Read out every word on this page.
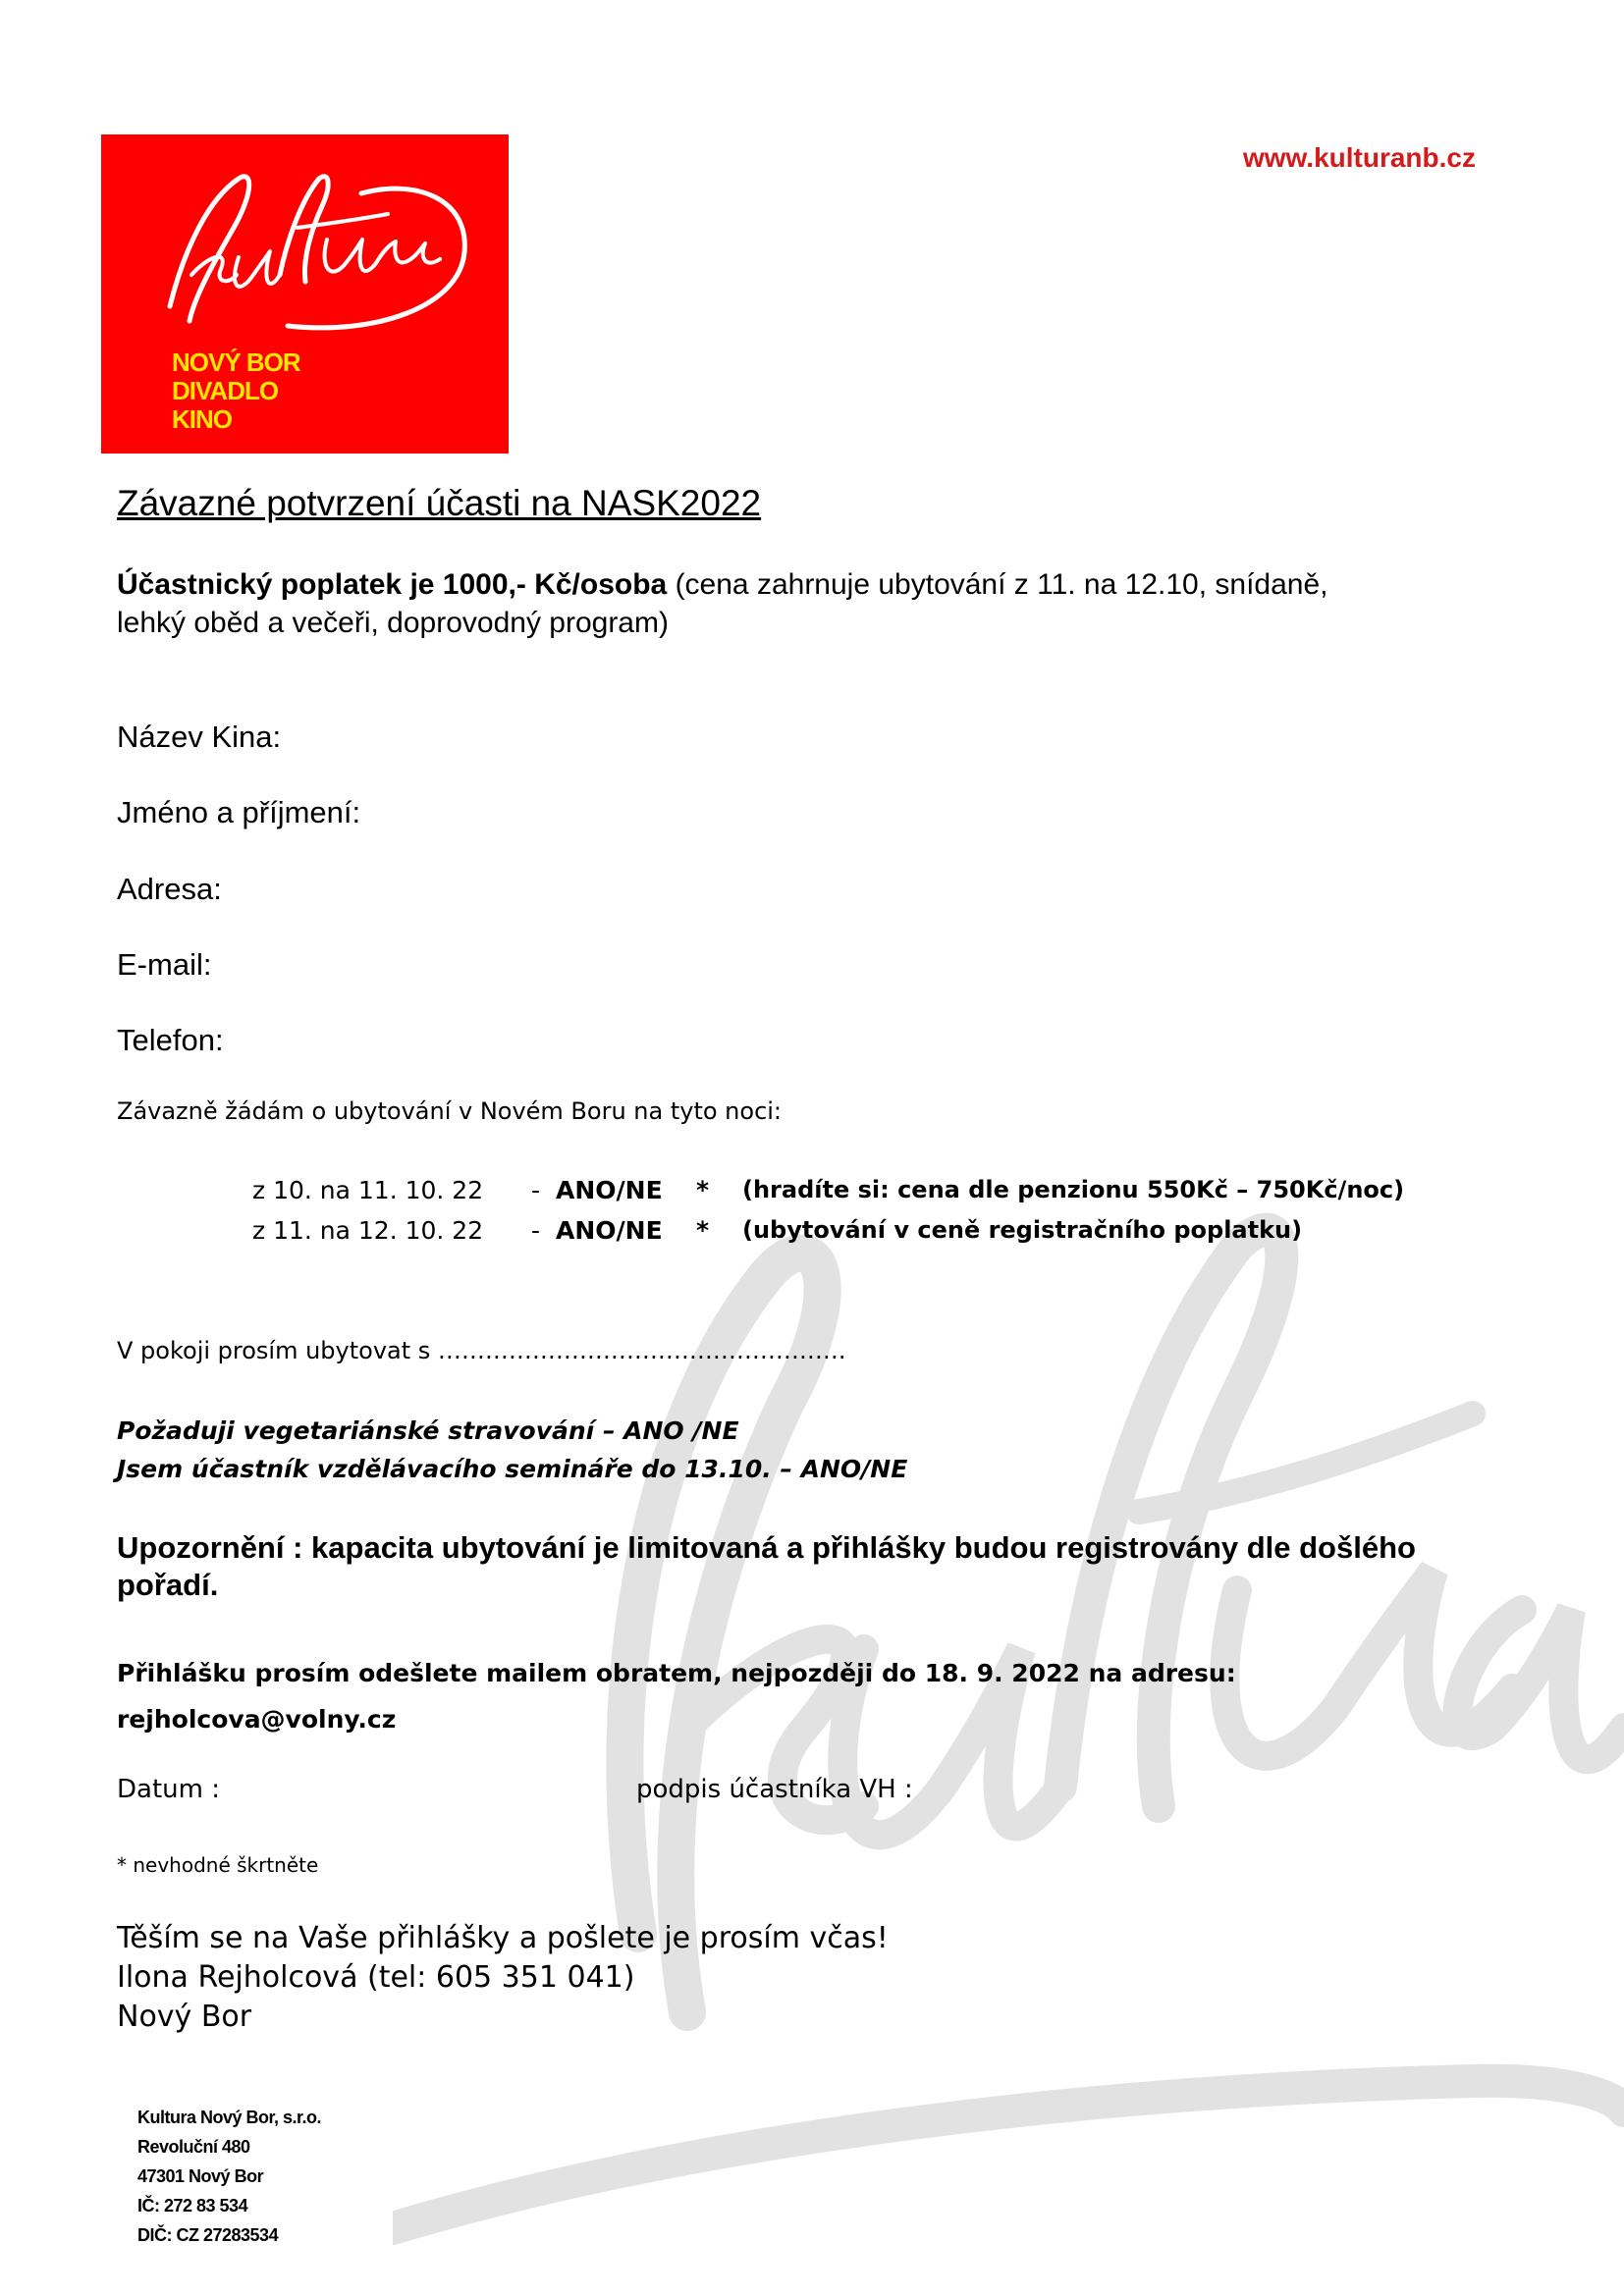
NOVÝ BOR
DIVADLO
KINO
www.kulturanb.cz
Závazné potvrzení účasti na NASK2022
Účastnický poplatek je 1000,- Kč/osoba (cena zahrnuje ubytování z 11. na 12.10, snídaně, lehký oběd a večeři, doprovodný program)
Název Kina:
Jméno a příjmení:
Adresa:
E-mail:
Telefon:
Závazně žádám o ubytování v Novém Boru na tyto noci:
z 10. na 11. 10. 22 - ANO/NE * (hradíte si: cena dle penzionu 550Kč – 750Kč/noc)
z 11. na 12. 10. 22 - ANO/NE * (ubytování v ceně registračního poplatku)
V pokoji prosím ubytovat s …………………………………………….
Požaduji vegetariánské stravování – ANO /NE
Jsem účastník vzdělávacího semináře do 13.10. – ANO/NE
Upozornění : kapacita ubytování je limitovaná a přihlášky budou registrovány dle došlého pořadí.
Přihlášku prosím odešlete mailem obratem, nejpozději do 18. 9. 2022 na adresu:
rejholcova@volny.cz
Datum :	podpis účastníka VH :
* nevhodné škrtněte
Těším se na Vaše přihlášky a pošlete je prosím včas!
Ilona Rejholcová (tel: 605 351 041)
Nový Bor
Kultura Nový Bor, s.r.o.
Revoluční 480
47301 Nový Bor
IČ: 272 83 534
DIČ: CZ 27283534
